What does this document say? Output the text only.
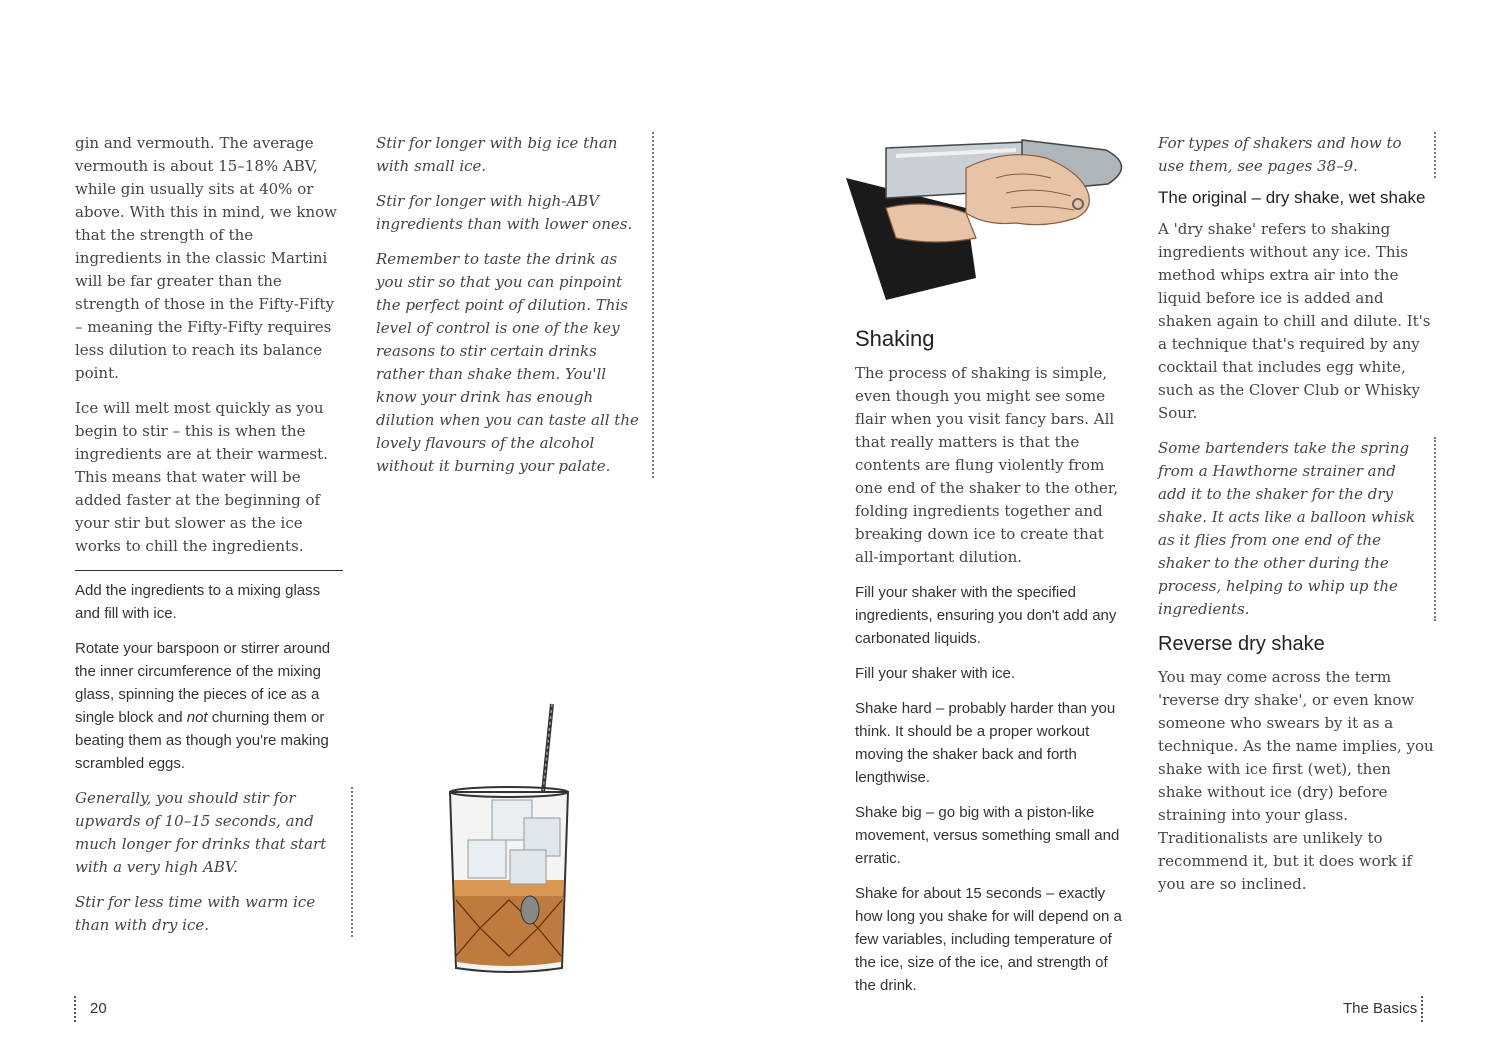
gin and vermouth. The average vermouth is about 15–18% ABV, while gin usually sits at 40% or above. With this in mind, we know that the strength of the ingredients in the classic Martini will be far greater than the strength of those in the Fifty-Fifty – meaning the Fifty-Fifty requires less dilution to reach its balance point.

Ice will melt most quickly as you begin to stir – this is when the ingredients are at their warmest. This means that water will be added faster at the beginning of your stir but slower as the ice works to chill the ingredients.

Add the ingredients to a mixing glass and fill with ice.

Rotate your barspoon or stirrer around the inner circumference of the mixing glass, spinning the pieces of ice as a single block and not churning them or beating them as though you're making scrambled eggs.

Generally, you should stir for upwards of 10–15 seconds, and much longer for drinks that start with a very high ABV.

Stir for less time with warm ice than with dry ice.

Stir for longer with big ice than with small ice.

Stir for longer with high-ABV ingredients than with lower ones.

Remember to taste the drink as you stir so that you can pinpoint the perfect point of dilution. This level of control is one of the key reasons to stir certain drinks rather than shake them. You'll know your drink has enough dilution when you can taste all the lovely flavours of the alcohol without it burning your palate.

20
Shaking

The process of shaking is simple, even though you might see some flair when you visit fancy bars. All that really matters is that the contents are flung violently from one end of the shaker to the other, folding ingredients together and breaking down ice to create that all-important dilution.

Fill your shaker with the specified ingredients, ensuring you don't add any carbonated liquids.

Fill your shaker with ice.

Shake hard – probably harder than you think. It should be a proper workout moving the shaker back and forth lengthwise.

Shake big – go big with a piston-like movement, versus something small and erratic.

Shake for about 15 seconds – exactly how long you shake for will depend on a few variables, including temperature of the ice, size of the ice, and strength of the drink.

For types of shakers and how to use them, see pages 38–9.

The original – dry shake, wet shake

A 'dry shake' refers to shaking ingredients without any ice. This method whips extra air into the liquid before ice is added and shaken again to chill and dilute. It's a technique that's required by any cocktail that includes egg white, such as the Clover Club or Whisky Sour.

Some bartenders take the spring from a Hawthorne strainer and add it to the shaker for the dry shake. It acts like a balloon whisk as it flies from one end of the shaker to the other during the process, helping to whip up the ingredients.

Reverse dry shake

You may come across the term 'reverse dry shake', or even know someone who swears by it as a technique. As the name implies, you shake with ice first (wet), then shake without ice (dry) before straining into your glass. Traditionalists are unlikely to recommend it, but it does work if you are so inclined.

The Basics
